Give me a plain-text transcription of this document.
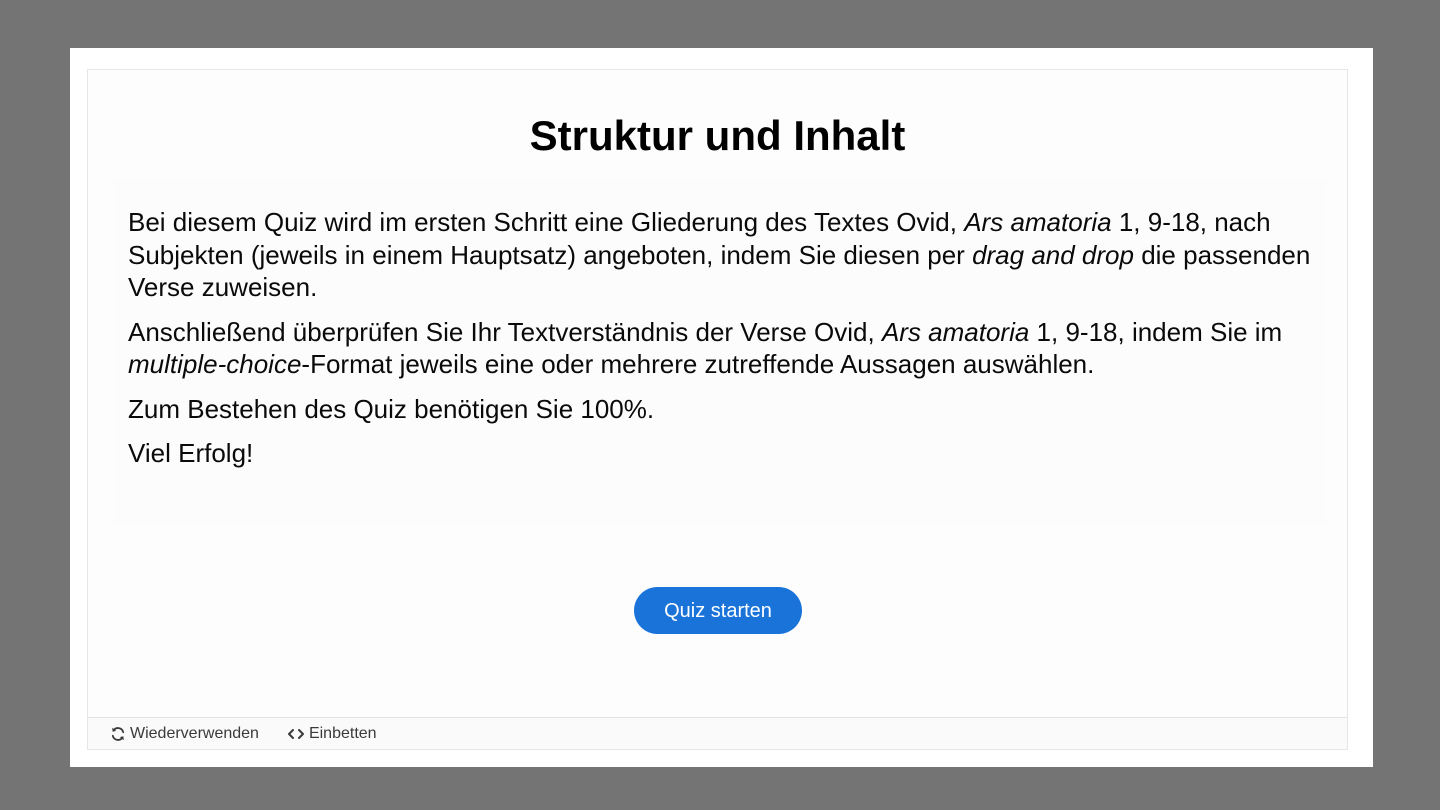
Struktur und Inhalt

Bei diesem Quiz wird im ersten Schritt eine Gliederung des Textes Ovid, Ars amatoria 1, 9-18, nach Subjekten (jeweils in einem Hauptsatz) angeboten, indem Sie diesen per drag and drop die passenden Verse zuweisen.

Anschließend überprüfen Sie Ihr Textverständnis der Verse Ovid, Ars amatoria 1, 9-18, indem Sie im multiple-choice-Format jeweils eine oder mehrere zutreffende Aussagen auswählen.

Zum Bestehen des Quiz benötigen Sie 100%.

Viel Erfolg!

Quiz starten
Wiederverwenden	Einbetten
